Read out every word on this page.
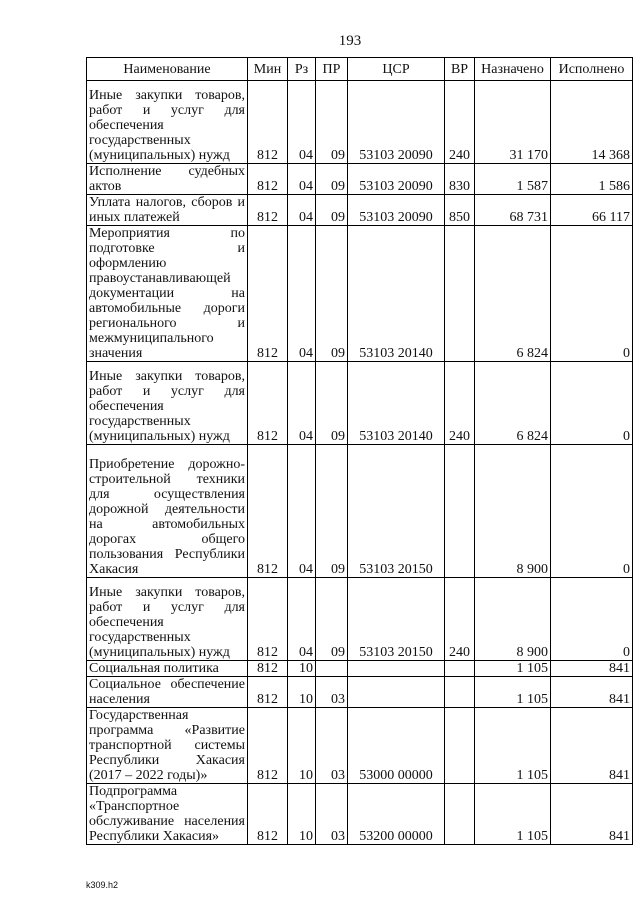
193
Наименование	Мин	Рз	ПР	ЦСР	ВР	Назначено	Исполнено
Иные закупки товаров, работ и услуг для обеспечения государственных (муниципальных) нужд	812	04	09	53103 20090	240	31 170	14 368
Исполнение судебных актов	812	04	09	53103 20090	830	1 587	1 586
Уплата налогов, сборов и иных платежей	812	04	09	53103 20090	850	68 731	66 117
Мероприятия по подготовке и оформлению правоустанавливающей документации на автомобильные дороги регионального и межмуниципального значения	812	04	09	53103 20140		6 824	0
Иные закупки товаров, работ и услуг для обеспечения государственных (муниципальных) нужд	812	04	09	53103 20140	240	6 824	0
Приобретение дорожно-строительной техники для осуществления дорожной деятельности на автомобильных дорогах общего пользования Республики Хакасия	812	04	09	53103 20150		8 900	0
Иные закупки товаров, работ и услуг для обеспечения государственных (муниципальных) нужд	812	04	09	53103 20150	240	8 900	0
Социальная политика	812	10				1 105	841
Социальное обеспечение населения	812	10	03			1 105	841
Государственная программа «Развитие транспортной системы Республики Хакасия (2017 – 2022 годы)»	812	10	03	53000 00000		1 105	841
Подпрограмма «Транспортное обслуживание населения Республики Хакасия»	812	10	03	53200 00000		1 105	841
k309.h2
